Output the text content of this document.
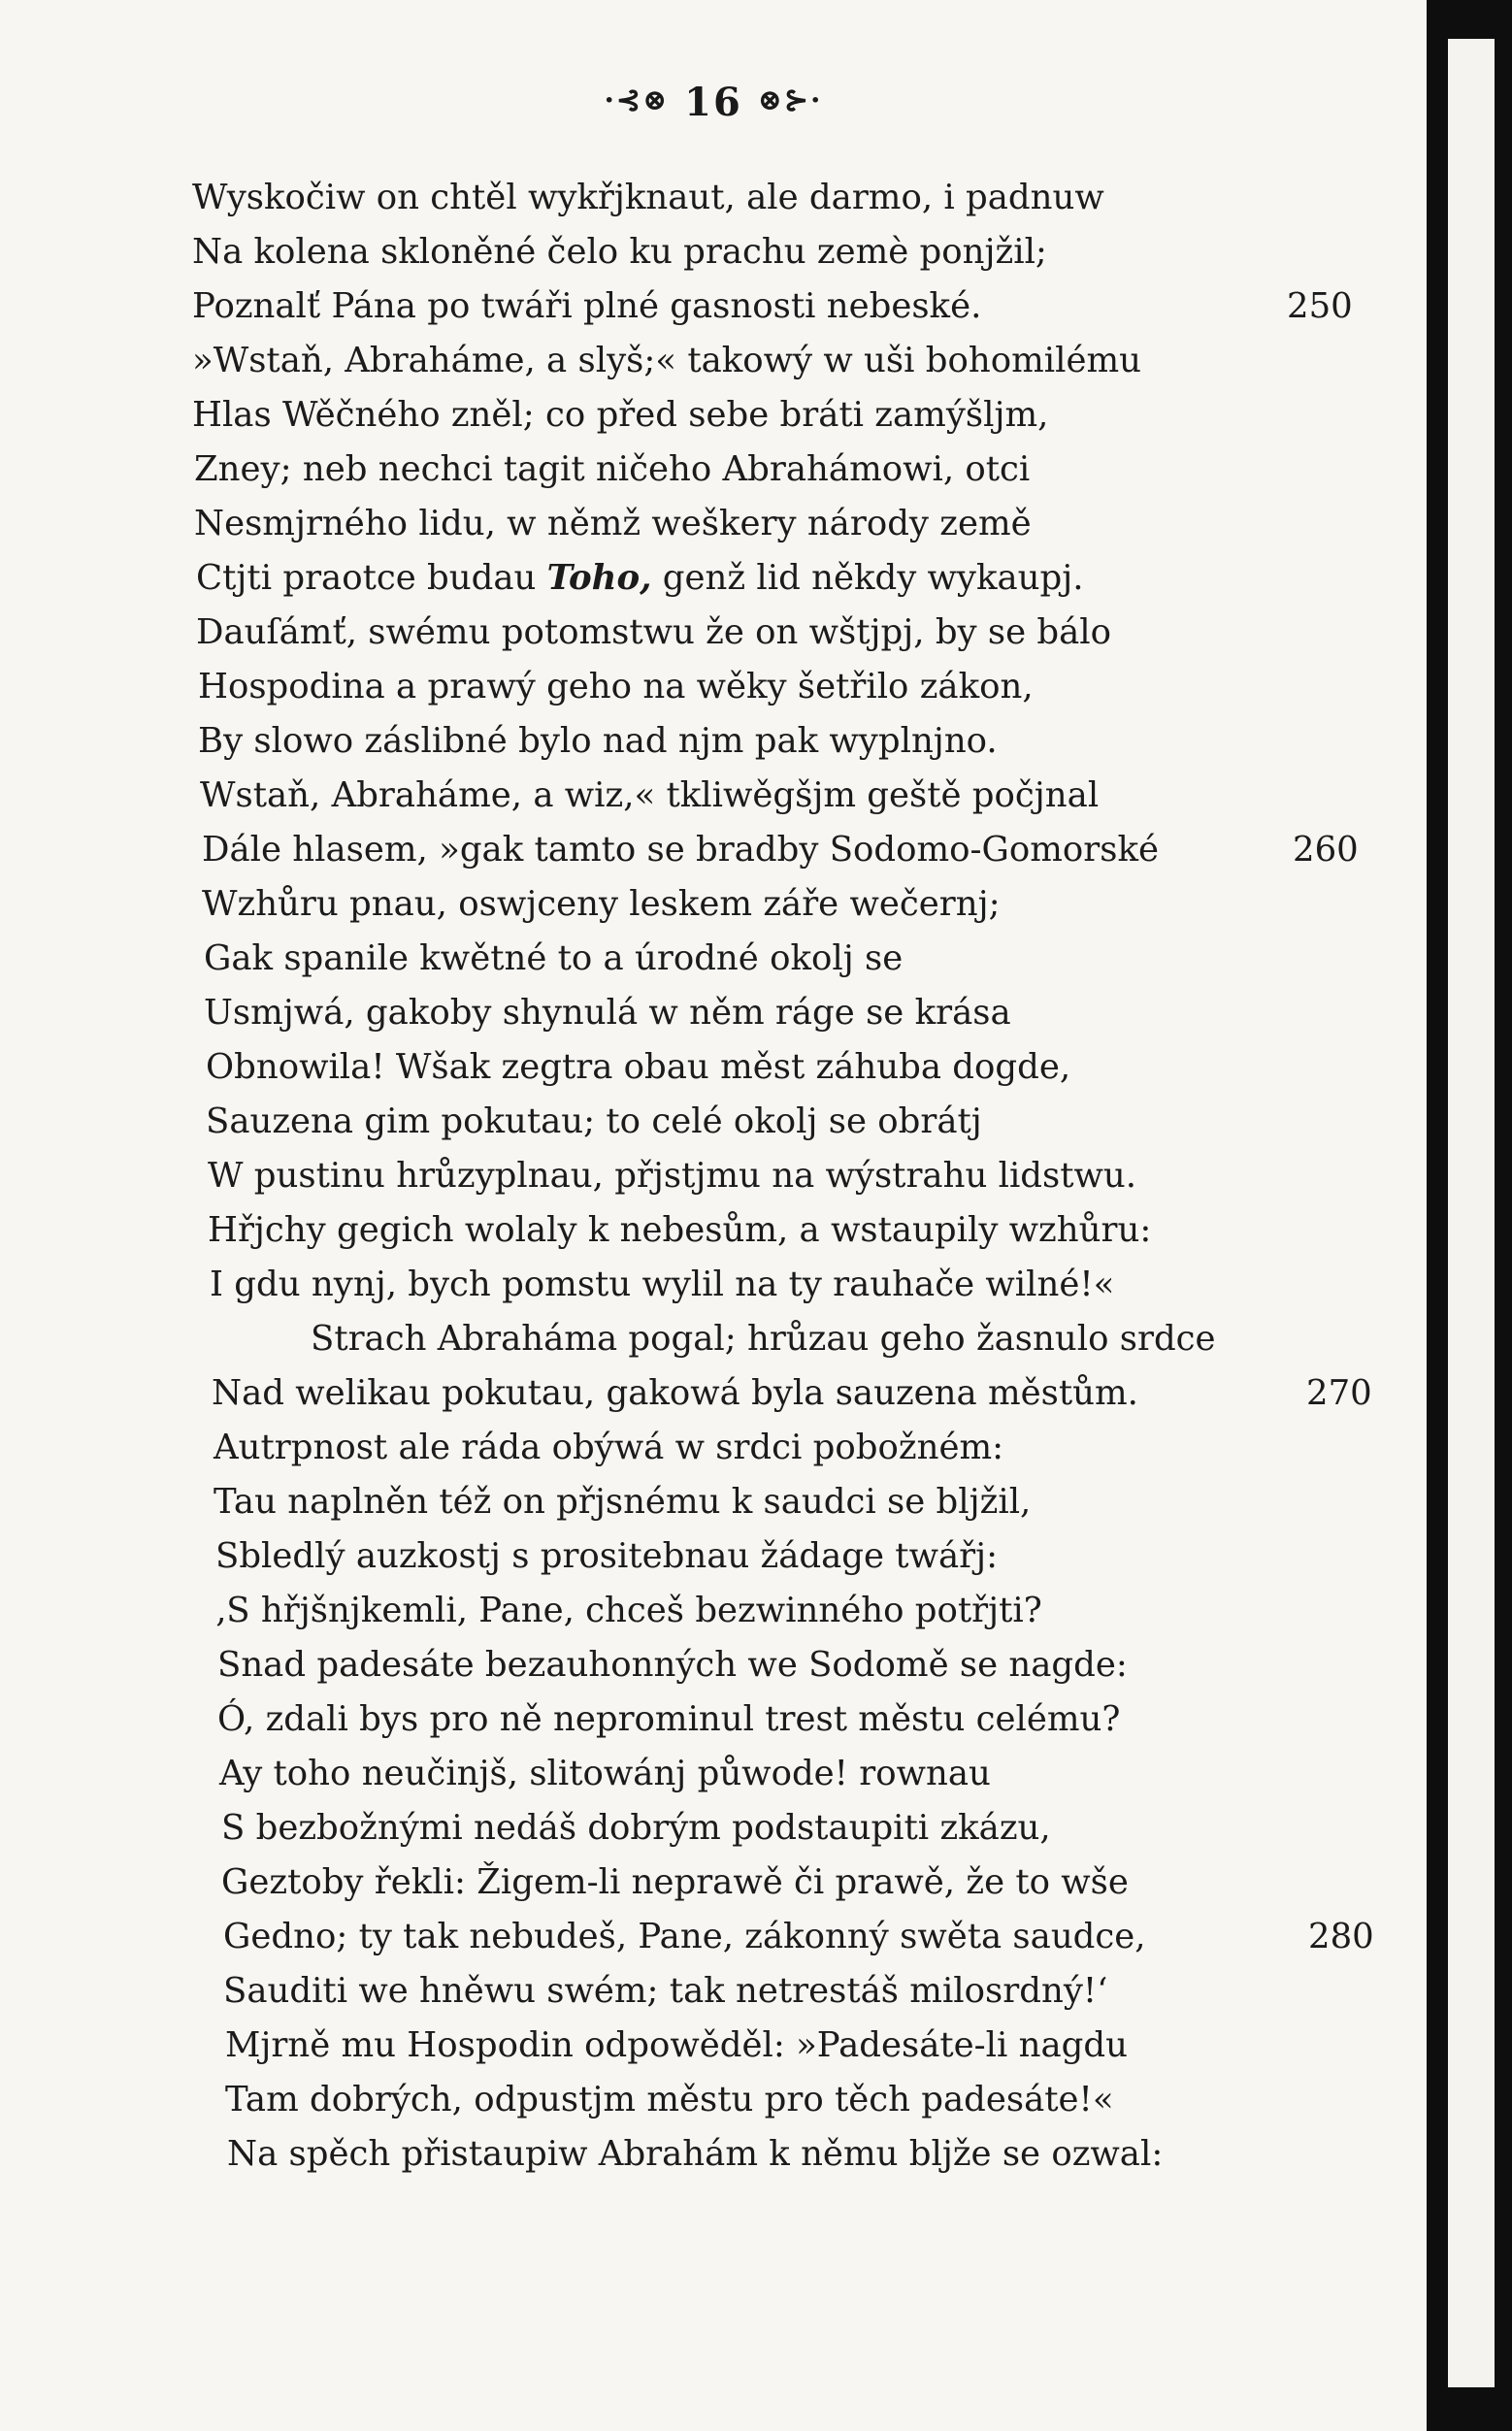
·⊰⊗ 16 ⊗⊱·
Wyskočiw on chtěl wykřjknaut, ale darmo, i padnuw
Na kolena skloněné čelo ku prachu zemè ponjžil;
Poznalť Pána po twáři plné gasnosti nebeské.
»Wstaň, Abraháme, a slyš;« takowý w uši bohomilému
Hlas Wěčného zněl; co před sebe bráti zamýšljm,
Zney; neb nechci tagit ničeho Abrahámowi, otci
Nesmjrného lidu, w němž weškery národy země
Ctjti praotce budau Toho, genž lid někdy wykaupj.
Dauſámť, swému potomstwu že on wštjpj, by se bálo
Hospodina a prawý geho na wěky šetřilo zákon,
By slowo záslibné bylo nad njm pak wyplnjno.
Wstaň, Abraháme, a wiz,« tkliwěgšjm geště počjnal
Dále hlasem, »gak tamto se bradby Sodomo-Gomorské
Wzhůru pnau, oswjceny leskem záře wečernj;
Gak spanile kwětné to a úrodné okolj se
Usmjwá, gakoby shynulá w něm ráge se krása
Obnowila! Wšak zegtra obau měst záhuba dogde,
Sauzena gim pokutau; to celé okolj se obrátj
W pustinu hrůzyplnau, přjstjmu na wýstrahu lidstwu.
Hřjchy gegich wolaly k nebesům, a wstaupily wzhůru:
I gdu nynj, bych pomstu wylil na ty rauhače wilné!«
Strach Abraháma pogal; hrůzau geho žasnulo srdce
Nad welikau pokutau, gakowá byla sauzena městům.
Autrpnost ale ráda obýwá w srdci pobožném:
Tau naplněn též on přjsnému k saudci se bljžil,
Sbledlý auzkostj s prositebnau žádage twářj:
‚S hřjšnjkemli, Pane, chceš bezwinného potřjti?
Snad padesáte bezauhonných we Sodomě se nagde:
Ó, zdali bys pro ně neprominul trest městu celému?
Ay toho neučinjš, slitowánj půwode! rownau
S bezbožnými nedáš dobrým podstaupiti zkázu,
Geztoby řekli: Žigem-li neprawě či prawě, že to wše
Gedno; ty tak nebudeš, Pane, zákonný swěta saudce,
Sauditi we hněwu swém; tak netrestáš milosrdný!‘
Mjrně mu Hospodin odpowěděl: »Padesáte-li nagdu
Tam dobrých, odpustjm městu pro těch padesáte!«
Na spěch přistaupiw Abrahám k němu bljže se ozwal:
250
260
270
280
